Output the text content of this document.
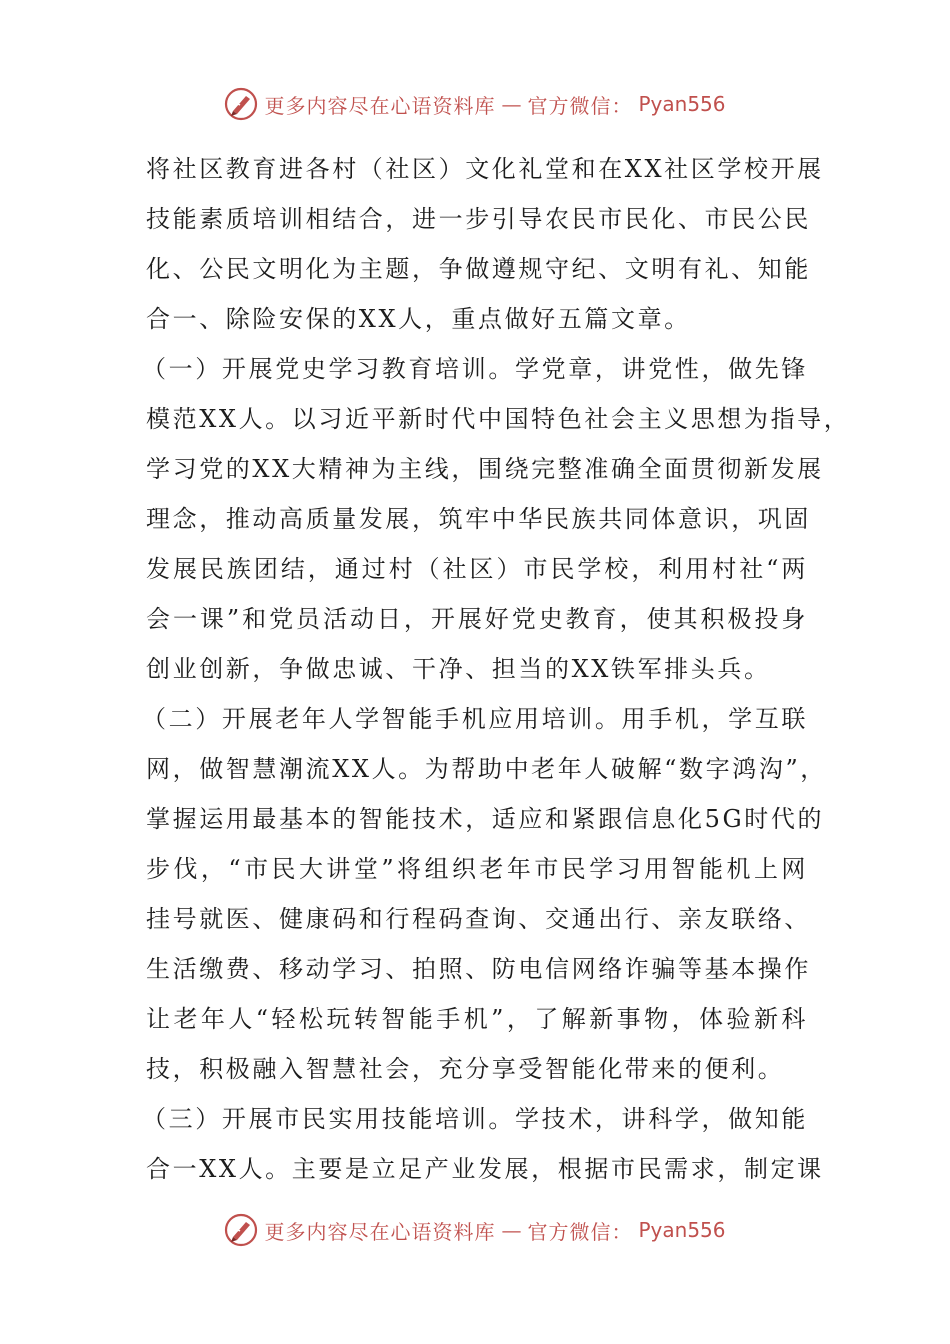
更多内容尽在心语资料库 — 官方微信： Pyan556
将社区教育进各村（社区）文化礼堂和在XX社区学校开展
技能素质培训相结合，进一步引导农民市民化、市民公民
化、公民文明化为主题，争做遵规守纪、文明有礼、知能
合一、除险安保的XX人，重点做好五篇文章。
（一）开展党史学习教育培训。学党章，讲党性，做先锋
模范XX人。以习近平新时代中国特色社会主义思想为指导，
学习党的XX大精神为主线，围绕完整准确全面贯彻新发展
理念，推动高质量发展，筑牢中华民族共同体意识，巩固
发展民族团结，通过村（社区）市民学校，利用村社“两
会一课”和党员活动日，开展好党史教育，使其积极投身
创业创新，争做忠诚、干净、担当的XX铁军排头兵。
（二）开展老年人学智能手机应用培训。用手机，学互联
网，做智慧潮流XX人。为帮助中老年人破解“数字鸿沟”，
掌握运用最基本的智能技术，适应和紧跟信息化5G时代的
步伐，“市民大讲堂”将组织老年市民学习用智能机上网
挂号就医、健康码和行程码查询、交通出行、亲友联络、
生活缴费、移动学习、拍照、防电信网络诈骗等基本操作
让老年人“轻松玩转智能手机”，了解新事物，体验新科
技，积极融入智慧社会，充分享受智能化带来的便利。
（三）开展市民实用技能培训。学技术，讲科学，做知能
合一XX人。主要是立足产业发展，根据市民需求，制定课
更多内容尽在心语资料库 — 官方微信： Pyan556
